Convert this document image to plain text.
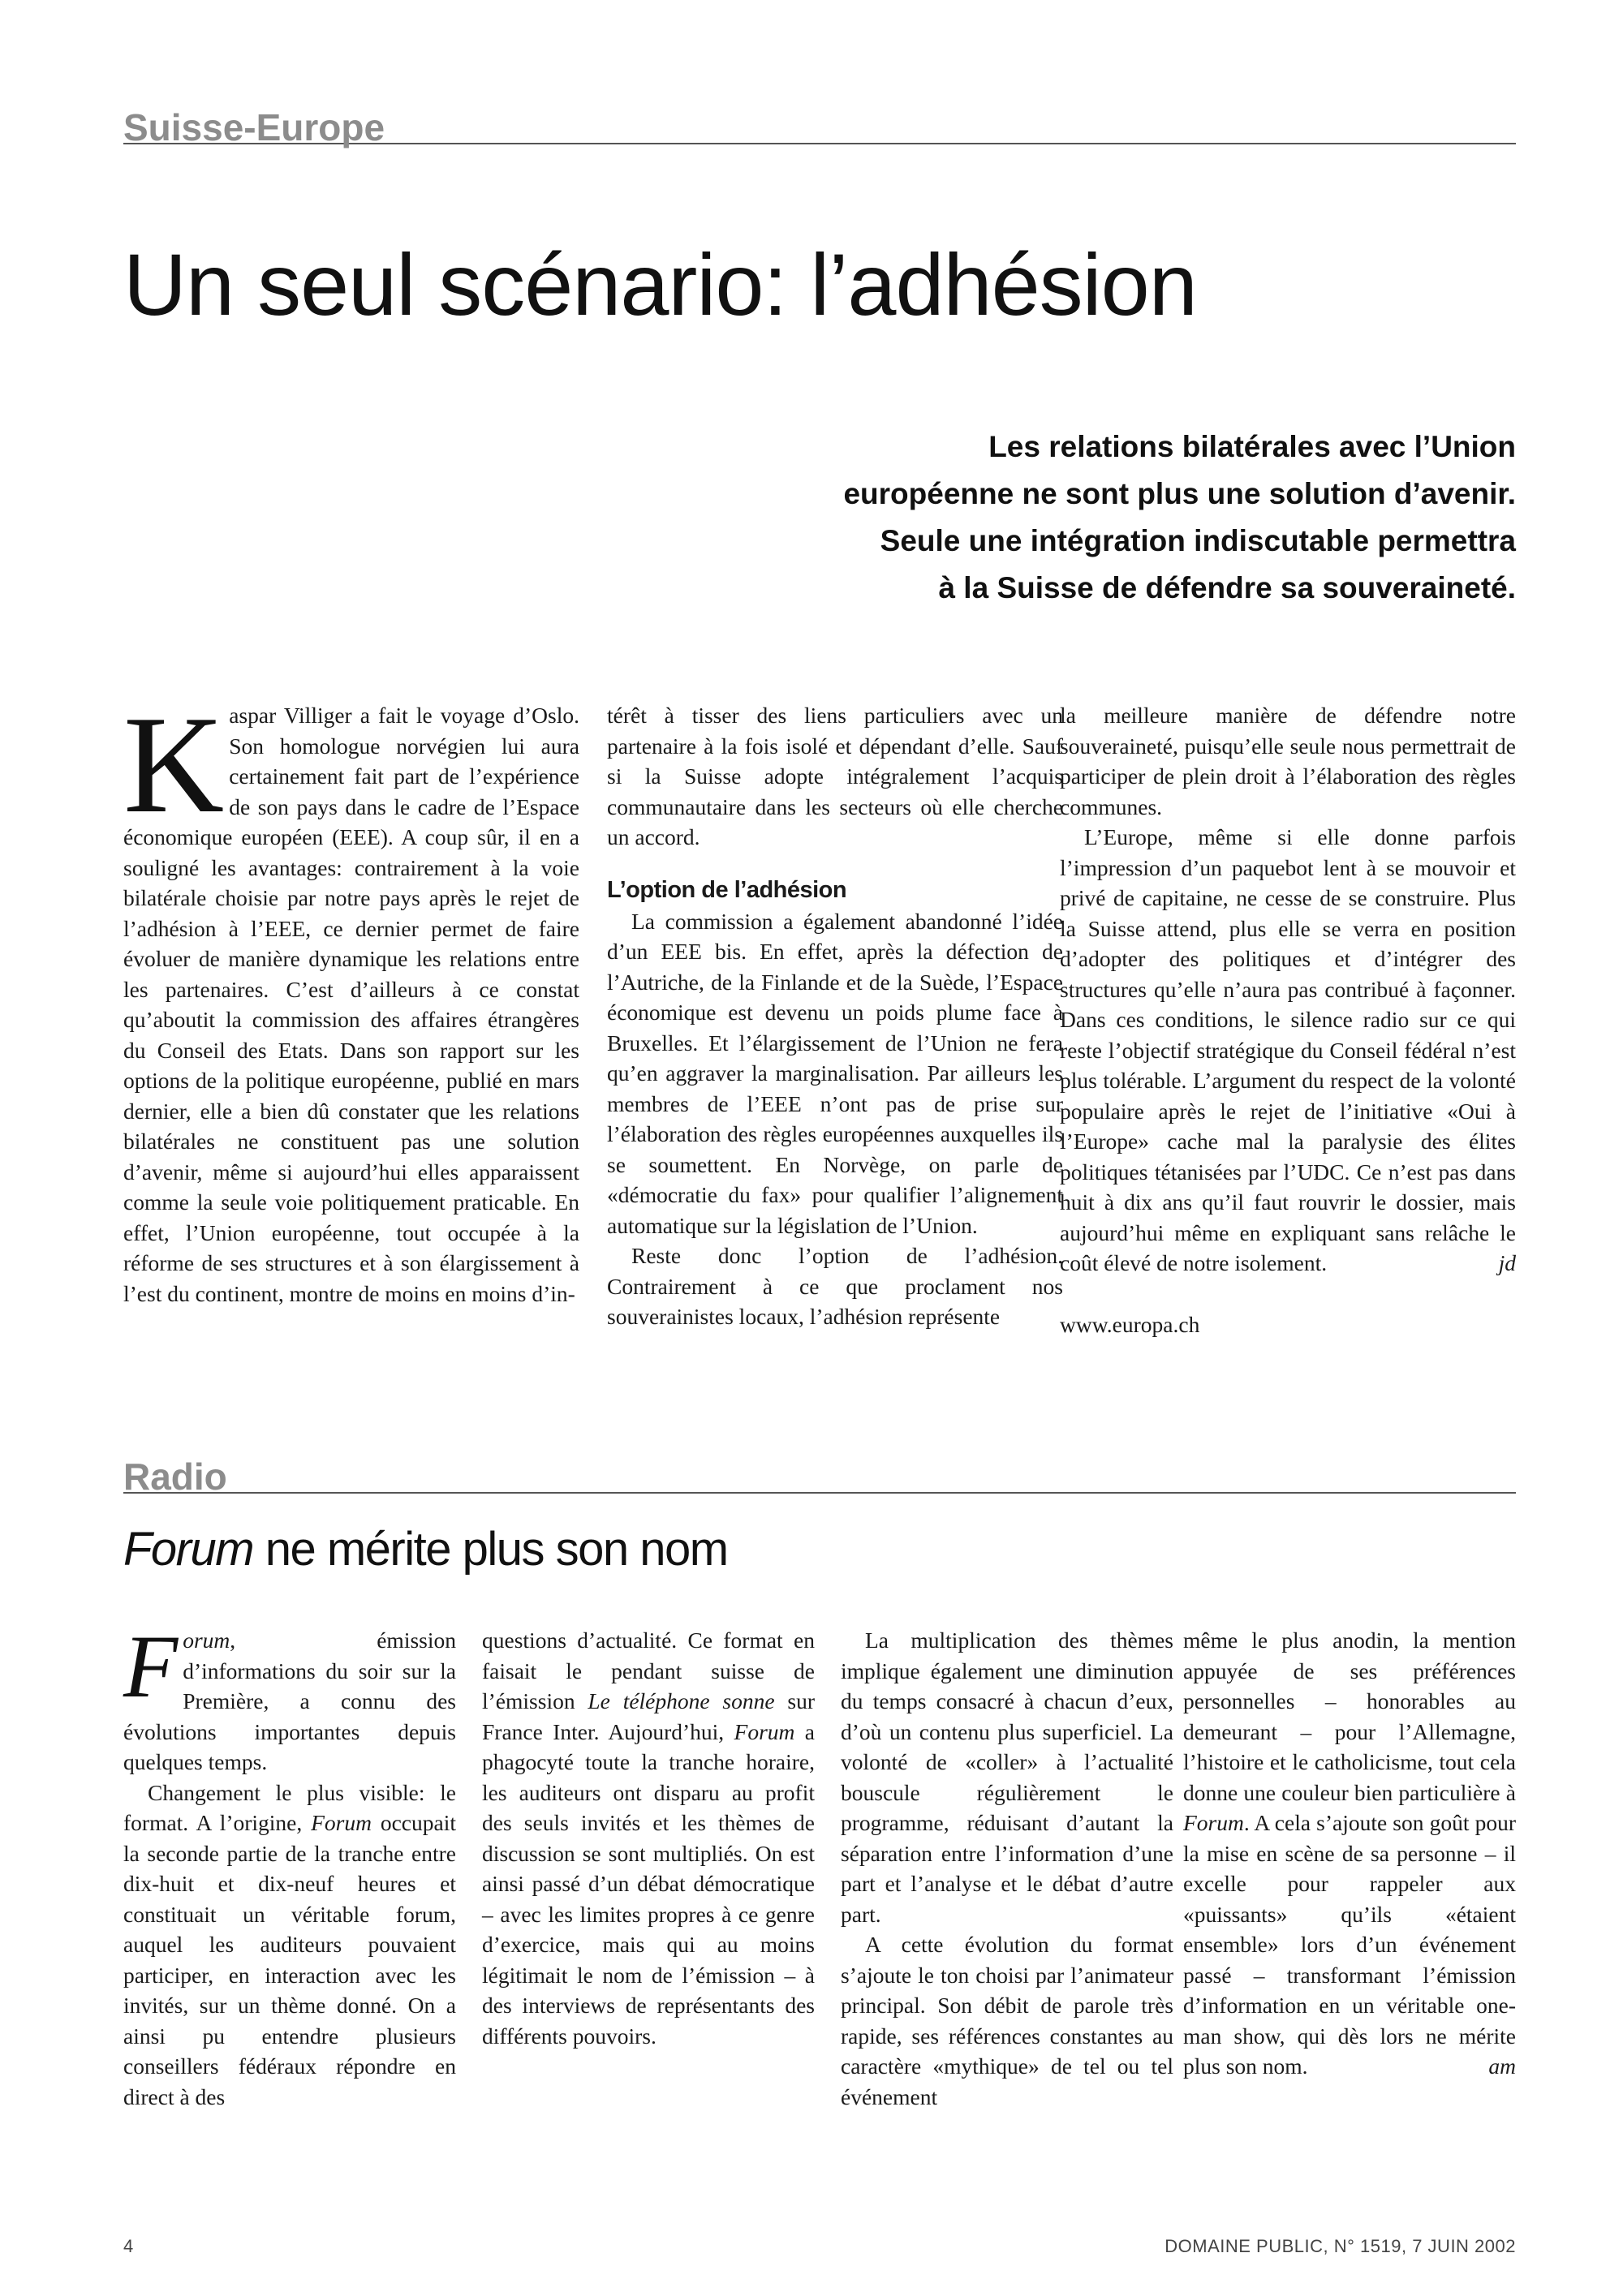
Suisse-Europe
Un seul scénario: l’adhésion
Les relations bilatérales avec l’Union
européenne ne sont plus une solution d’avenir.
Seule une intégration indiscutable permettra
à la Suisse de défendre sa souveraineté.

Kaspar Villiger a fait le voyage d’Oslo. Son homologue norvégien lui aura certainement fait part de l’expérience de son pays dans le cadre de l’Espace économique européen (EEE). A coup sûr, il en a souligné les avantages: contrairement à la voie bilatérale choisie par notre pays après le rejet de l’adhésion à l’EEE, ce dernier permet de faire évoluer de manière dynamique les relations entre les partenaires. C’est d’ailleurs à ce constat qu’aboutit la commission des affaires étrangères du Conseil des Etats. Dans son rapport sur les options de la politique européenne, publié en mars dernier, elle a bien dû constater que les relations bilatérales ne constituent pas une solution d’avenir, même si aujourd’hui elles apparaissent comme la seule voie politiquement praticable. En effet, l’Union européenne, tout occupée à la réforme de ses structures et à son élargissement à l’est du continent, montre de moins en moins d’in-

térêt à tisser des liens particuliers avec un partenaire à la fois isolé et dépendant d’elle. Sauf si la Suisse adopte intégralement l’acquis communautaire dans les secteurs où elle cherche un accord.

L’option de l’adhésion

La commission a également abandonné l’idée d’un EEE bis. En effet, après la défection de l’Autriche, de la Finlande et de la Suède, l’Espace économique est devenu un poids plume face à Bruxelles. Et l’élargissement de l’Union ne fera qu’en aggraver la marginalisation. Par ailleurs les membres de l’EEE n’ont pas de prise sur l’élaboration des règles européennes auxquelles ils se soumettent. En Norvège, on parle de «démocratie du fax» pour qualifier l’alignement automatique sur la législation de l’Union.

Reste donc l’option de l’adhésion. Contrairement à ce que proclament nos souverainistes locaux, l’adhésion représente

la meilleure manière de défendre notre souveraineté, puisqu’elle seule nous permettrait de participer de plein droit à l’élaboration des règles communes.

L’Europe, même si elle donne parfois l’impression d’un paquebot lent à se mouvoir et privé de capitaine, ne cesse de se construire. Plus la Suisse attend, plus elle se verra en position d’adopter des politiques et d’intégrer des structures qu’elle n’aura pas contribué à façonner. Dans ces conditions, le silence radio sur ce qui reste l’objectif stratégique du Conseil fédéral n’est plus tolérable. L’argument du respect de la volonté populaire après le rejet de l’initiative «Oui à l’Europe» cache mal la paralysie des élites politiques tétanisées par l’UDC. Ce n’est pas dans huit à dix ans qu’il faut rouvrir le dossier, mais aujourd’hui même en expliquant sans relâche le coût élevé de notre isolement.	jd

www.europa.ch

Radio
Forum ne mérite plus son nom

Forum, émission d’informations du soir sur la Première, a connu des évolutions importantes depuis quelques temps.

Changement le plus visible: le format. A l’origine, Forum occupait la seconde partie de la tranche entre dix-huit et dix-neuf heures et constituait un véritable forum, auquel les auditeurs pouvaient participer, en interaction avec les invités, sur un thème donné. On a ainsi pu entendre plusieurs conseillers fédéraux répondre en direct à des

questions d’actualité. Ce format en faisait le pendant suisse de l’émission Le téléphone sonne sur France Inter. Aujourd’hui, Forum a phagocyté toute la tranche horaire, les auditeurs ont disparu au profit des seuls invités et les thèmes de discussion se sont multipliés. On est ainsi passé d’un débat démocratique – avec les limites propres à ce genre d’exercice, mais qui au moins légitimait le nom de l’émission – à des interviews de représentants des différents pouvoirs.

La multiplication des thèmes implique également une diminution du temps consacré à chacun d’eux, d’où un contenu plus superficiel. La volonté de «coller» à l’actualité bouscule régulièrement le programme, réduisant d’autant la séparation entre l’information d’une part et l’analyse et le débat d’autre part.

A cette évolution du format s’ajoute le ton choisi par l’animateur principal. Son débit de parole très rapide, ses références constantes au caractère «mythique» de tel ou tel événement

même le plus anodin, la mention appuyée de ses préférences personnelles – honorables au demeurant – pour l’Allemagne, l’histoire et le catholicisme, tout cela donne une couleur bien particulière à Forum. A cela s’ajoute son goût pour la mise en scène de sa personne – il excelle pour rappeler aux «puissants» qu’ils «étaient ensemble» lors d’un événement passé – transformant l’émission d’information en un véritable one-man show, qui dès lors ne mérite plus son nom.	am

4	DOMAINE PUBLIC, N° 1519, 7 JUIN 2002
